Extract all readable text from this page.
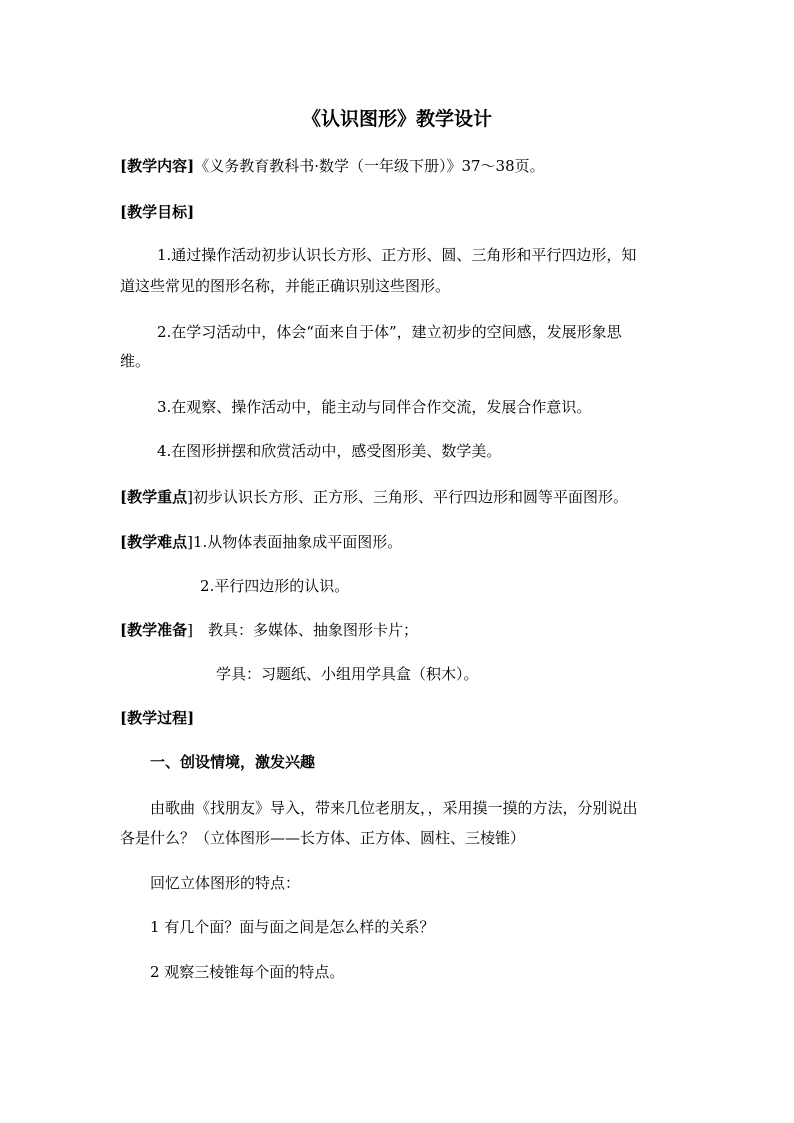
《认识图形》教学设计
[教学内容]《义务教育教科书·数学（一年级下册）》37～38页。
[教学目标]
1.通过操作活动初步认识长方形、正方形、圆、三角形和平行四边形，知
道这些常见的图形名称，并能正确识别这些图形。
2.在学习活动中，体会“面来自于体”，建立初步的空间感，发展形象思
维。
3.在观察、操作活动中，能主动与同伴合作交流，发展合作意识。
4.在图形拼摆和欣赏活动中，感受图形美、数学美。
[教学重点]初步认识长方形、正方形、三角形、平行四边形和圆等平面图形。
[教学难点]1.从物体表面抽象成平面图形。
2.平行四边形的认识。
[教学准备]　教具：多媒体、抽象图形卡片；
学具：习题纸、小组用学具盒（积木）。
[教学过程]
一、创设情境，激发兴趣
由歌曲《找朋友》导入，带来几位老朋友，，采用摸一摸的方法，分别说出
各是什么？（立体图形——长方体、正方体、圆柱、三棱锥）
回忆立体图形的特点：
1 有几个面？面与面之间是怎么样的关系？
2 观察三棱锥每个面的特点。
